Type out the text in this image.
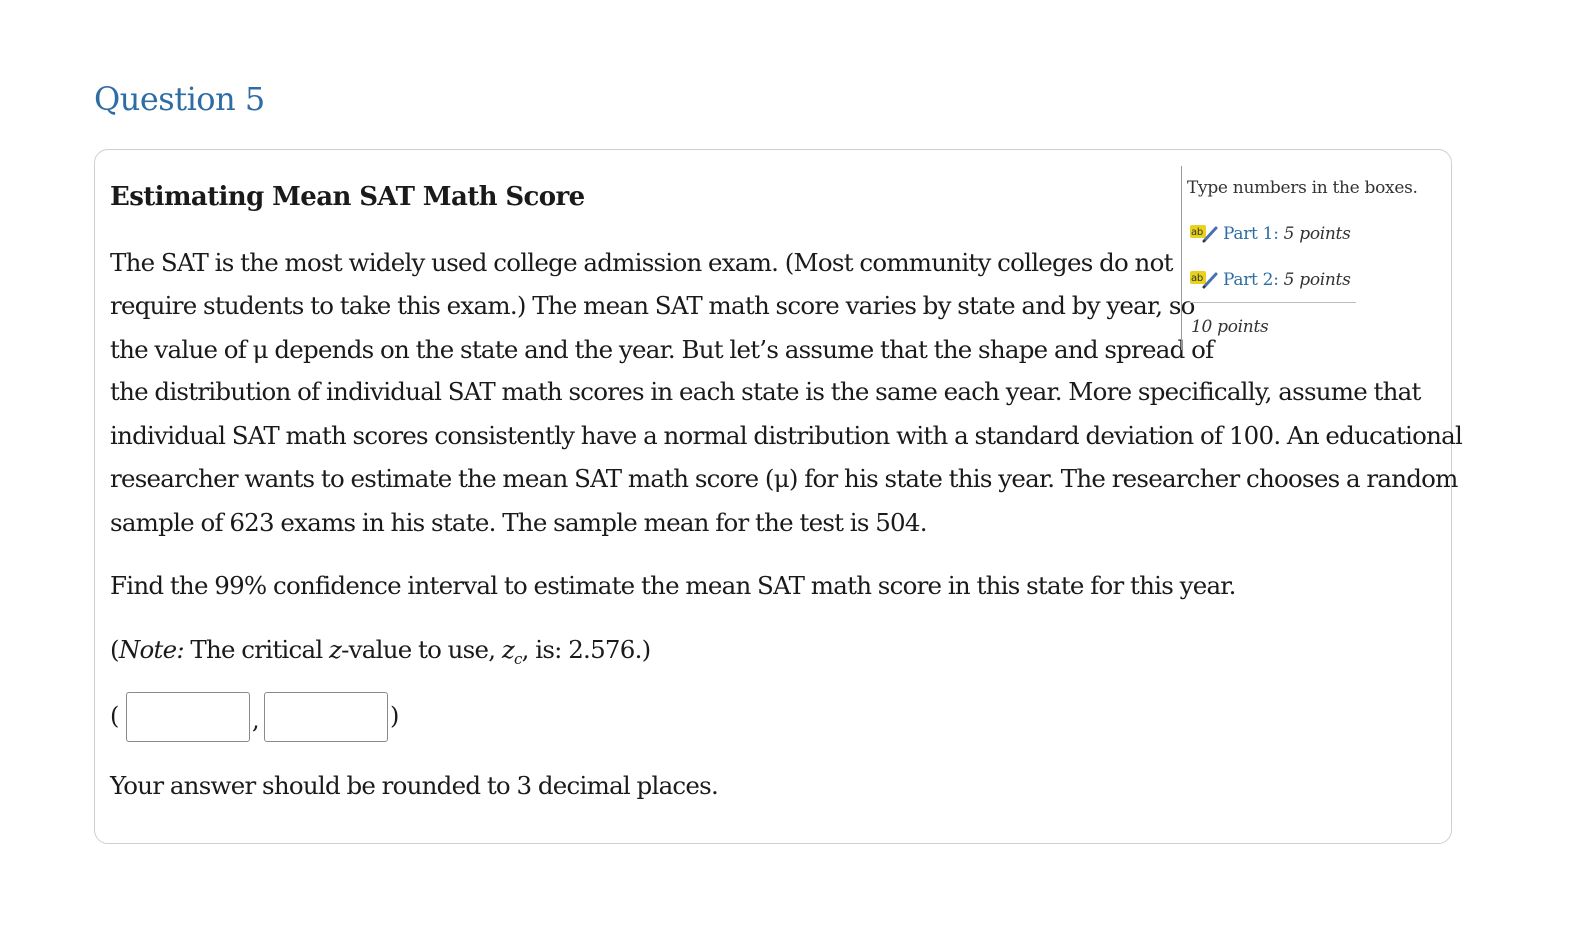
Question 5
Estimating Mean SAT Math Score

The SAT is the most widely used college admission exam. (Most community colleges do not

require students to take this exam.) The mean SAT math score varies by state and by year, so

the value of μ depends on the state and the year. But let’s assume that the shape and spread of

the distribution of individual SAT math scores in each state is the same each year. More specifically, assume that

individual SAT math scores consistently have a normal distribution with a standard deviation of 100. An educational

researcher wants to estimate the mean SAT math score (μ) for his state this year. The researcher chooses a random

sample of 623 exams in his state. The sample mean for the test is 504.

Find the 99% confidence interval to estimate the mean SAT math score in this state for this year.

(Note: The critical z-value to use, $z_c$, is: 2.576.)

(	,	)

Your answer should be rounded to 3 decimal places.

Type numbers in the boxes.
ab Part 1: 5 points
ab Part 2: 5 points
10 points
